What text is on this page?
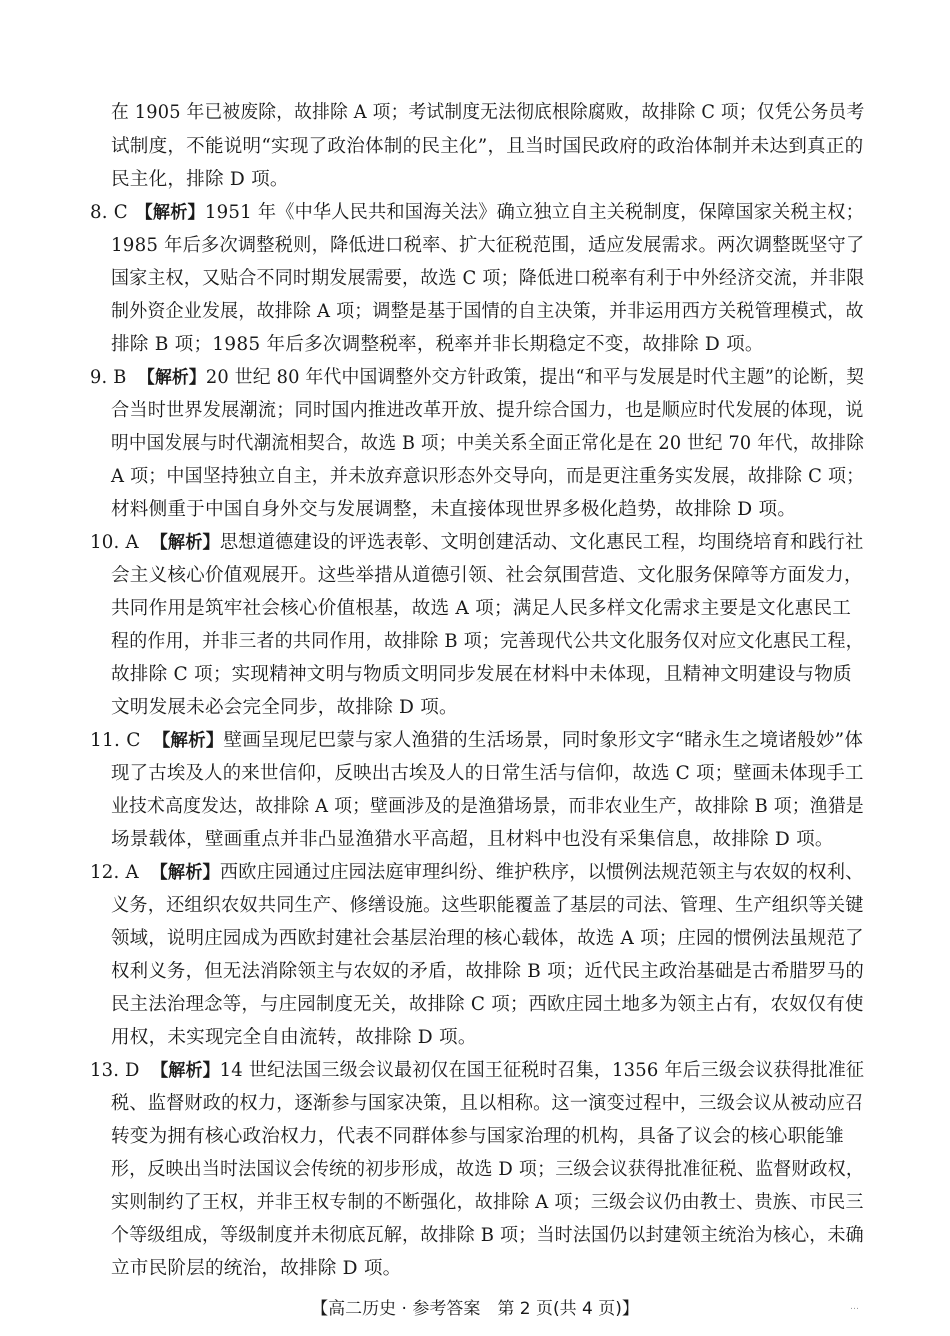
在 1905 年已被废除，故排除 A 项；考试制度无法彻底根除腐败，故排除 C 项；仅凭公务员考
试制度，不能说明“实现了政治体制的民主化”，且当时国民政府的政治体制并未达到真正的
民主化，排除 D 项。
8. C 【解析】1951 年《中华人民共和国海关法》确立独立自主关税制度，保障国家关税主权；
1985 年后多次调整税则，降低进口税率、扩大征税范围，适应发展需求。两次调整既坚守了
国家主权，又贴合不同时期发展需要，故选 C 项；降低进口税率有利于中外经济交流，并非限
制外资企业发展，故排除 A 项；调整是基于国情的自主决策，并非运用西方关税管理模式，故
排除 B 项；1985 年后多次调整税率，税率并非长期稳定不变，故排除 D 项。
9. B 【解析】20 世纪 80 年代中国调整外交方针政策，提出“和平与发展是时代主题”的论断，契
合当时世界发展潮流；同时国内推进改革开放、提升综合国力，也是顺应时代发展的体现，说
明中国发展与时代潮流相契合，故选 B 项；中美关系全面正常化是在 20 世纪 70 年代，故排除
A 项；中国坚持独立自主，并未放弃意识形态外交导向，而是更注重务实发展，故排除 C 项；
材料侧重于中国自身外交与发展调整，未直接体现世界多极化趋势，故排除 D 项。
10. A 【解析】思想道德建设的评选表彰、文明创建活动、文化惠民工程，均围绕培育和践行社
会主义核心价值观展开。这些举措从道德引领、社会氛围营造、文化服务保障等方面发力，
共同作用是筑牢社会核心价值根基，故选 A 项；满足人民多样文化需求主要是文化惠民工
程的作用，并非三者的共同作用，故排除 B 项；完善现代公共文化服务仅对应文化惠民工程，
故排除 C 项；实现精神文明与物质文明同步发展在材料中未体现，且精神文明建设与物质
文明发展未必会完全同步，故排除 D 项。
11. C 【解析】壁画呈现尼巴蒙与家人渔猎的生活场景，同时象形文字“睹永生之境诸般妙”体
现了古埃及人的来世信仰，反映出古埃及人的日常生活与信仰，故选 C 项；壁画未体现手工
业技术高度发达，故排除 A 项；壁画涉及的是渔猎场景，而非农业生产，故排除 B 项；渔猎是
场景载体，壁画重点并非凸显渔猎水平高超，且材料中也没有采集信息，故排除 D 项。
12. A 【解析】西欧庄园通过庄园法庭审理纠纷、维护秩序，以惯例法规范领主与农奴的权利、
义务，还组织农奴共同生产、修缮设施。这些职能覆盖了基层的司法、管理、生产组织等关键
领域，说明庄园成为西欧封建社会基层治理的核心载体，故选 A 项；庄园的惯例法虽规范了
权利义务，但无法消除领主与农奴的矛盾，故排除 B 项；近代民主政治基础是古希腊罗马的
民主法治理念等，与庄园制度无关，故排除 C 项；西欧庄园土地多为领主占有，农奴仅有使
用权，未实现完全自由流转，故排除 D 项。
13. D 【解析】14 世纪法国三级会议最初仅在国王征税时召集，1356 年后三级会议获得批准征
税、监督财政的权力，逐渐参与国家决策，且以相称。这一演变过程中，三级会议从被动应召
转变为拥有核心政治权力，代表不同群体参与国家治理的机构，具备了议会的核心职能雏
形，反映出当时法国议会传统的初步形成，故选 D 项；三级会议获得批准征税、监督财政权，
实则制约了王权，并非王权专制的不断强化，故排除 A 项；三级会议仍由教士、贵族、市民三
个等级组成，等级制度并未彻底瓦解，故排除 B 项；当时法国仍以封建领主统治为核心，未确
立市民阶层的统治，故排除 D 项。
【高二历史 · 参考答案　第 2 页(共 4 页)】	…
